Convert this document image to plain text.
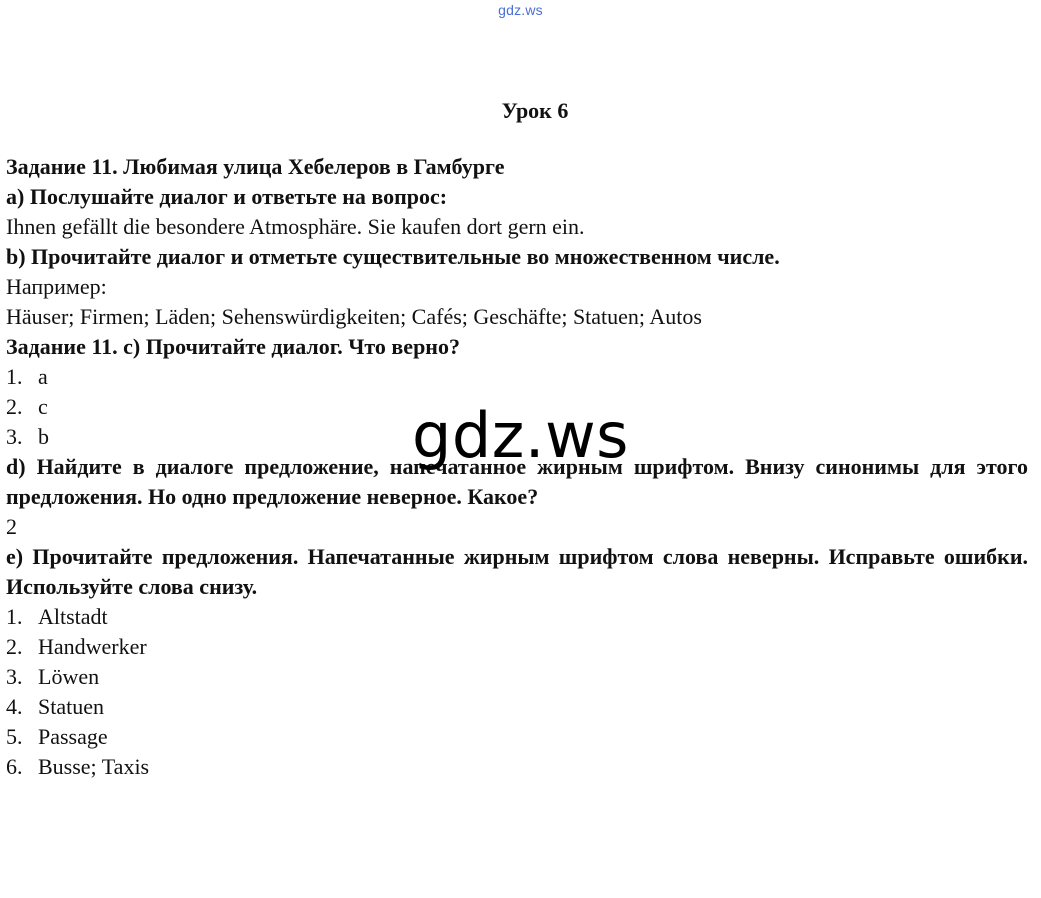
gdz.ws
Урок 6
Задание 11. Любимая улица Хебелеров в Гамбурге
a) Послушайте диалог и ответьте на вопрос:
Ihnen gefällt die besondere Atmosphäre. Sie kaufen dort gern ein.
b) Прочитайте диалог и отметьте существительные во множественном числе.
Например:
Häuser; Firmen; Läden; Sehenswürdigkeiten; Cafés; Geschäfte; Statuen; Autos
Задание 11. c) Прочитайте диалог. Что верно?
1. a
2. c
3. b
d) Найдите в диалоге предложение, напечатанное жирным шрифтом. Внизу синонимы для этого предложения. Но одно предложение неверное. Какое?
2
e) Прочитайте предложения. Напечатанные жирным шрифтом слова неверны. Исправьте ошибки. Используйте слова снизу.
1. Altstadt
2. Handwerker
3. Löwen
4. Statuen
5. Passage
6. Busse; Taxis
gdz.ws
